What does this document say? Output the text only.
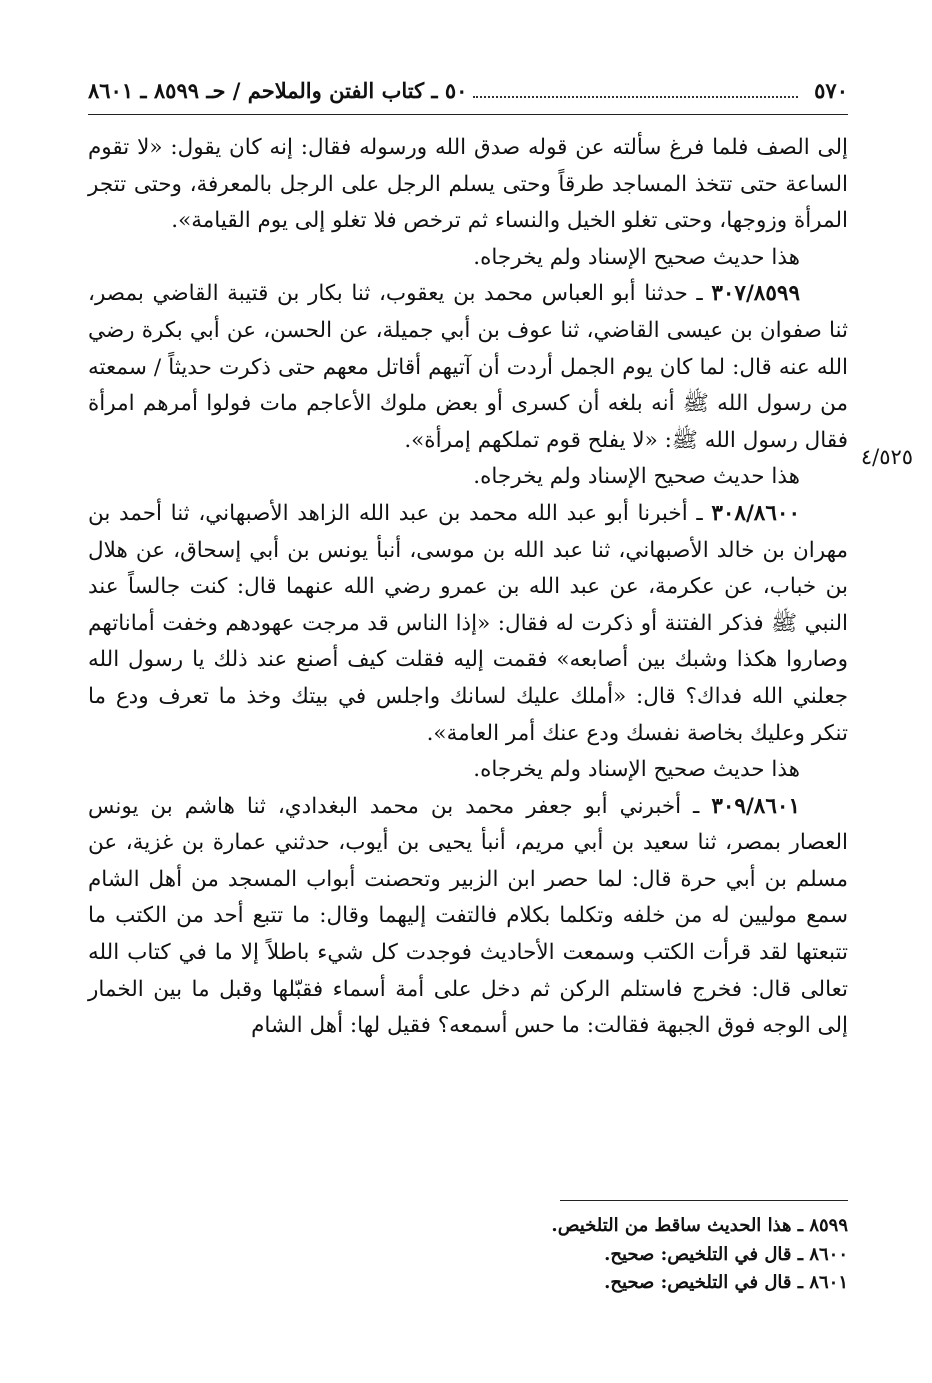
٥٧٠
٥٠ ـ كتاب الفتن والملاحم / حـ ٨٥٩٩ ـ ٨٦٠١
٤/٥٢٥

إلى الصف فلما فرغ سألته عن قوله صدق الله ورسوله فقال: إنه كان يقول: «لا تقوم الساعة حتى تتخذ المساجد طرقاً وحتى يسلم الرجل على الرجل بالمعرفة، وحتى تتجر المرأة وزوجها، وحتى تغلو الخيل والنساء ثم ترخص فلا تغلو إلى يوم القيامة».

هذا حديث صحيح الإسناد ولم يخرجاه.

٣٠٧/٨٥٩٩ ـ حدثنا أبو العباس محمد بن يعقوب، ثنا بكار بن قتيبة القاضي بمصر، ثنا صفوان بن عيسى القاضي، ثنا عوف بن أبي جميلة، عن الحسن، عن أبي بكرة رضي الله عنه قال: لما كان يوم الجمل أردت أن آتيهم أقاتل معهم حتى ذكرت حديثاً / سمعته من رسول الله ﷺ أنه بلغه أن كسرى أو بعض ملوك الأعاجم مات فولوا أمرهم امرأة فقال رسول الله ﷺ: «لا يفلح قوم تملكهم إمرأة».

هذا حديث صحيح الإسناد ولم يخرجاه.

٣٠٨/٨٦٠٠ ـ أخبرنا أبو عبد الله محمد بن عبد الله الزاهد الأصبهاني، ثنا أحمد بن مهران بن خالد الأصبهاني، ثنا عبد الله بن موسى، أنبأ يونس بن أبي إسحاق، عن هلال بن خباب، عن عكرمة، عن عبد الله بن عمرو رضي الله عنهما قال: كنت جالساً عند النبي ﷺ فذكر الفتنة أو ذكرت له فقال: «إذا الناس قد مرجت عهودهم وخفت أماناتهم وصاروا هكذا وشبك بين أصابعه» فقمت إليه فقلت كيف أصنع عند ذلك يا رسول الله جعلني الله فداك؟ قال: «أملك عليك لسانك واجلس في بيتك وخذ ما تعرف ودع ما تنكر وعليك بخاصة نفسك ودع عنك أمر العامة».

هذا حديث صحيح الإسناد ولم يخرجاه.

٣٠٩/٨٦٠١ ـ أخبرني أبو جعفر محمد بن محمد البغدادي، ثنا هاشم بن يونس العصار بمصر، ثنا سعيد بن أبي مريم، أنبأ يحيى بن أيوب، حدثني عمارة بن غزية، عن مسلم بن أبي حرة قال: لما حصر ابن الزبير وتحصنت أبواب المسجد من أهل الشام سمع موليين له من خلفه وتكلما بكلام فالتفت إليهما وقال: ما تتبع أحد من الكتب ما تتبعتها لقد قرأت الكتب وسمعت الأحاديث فوجدت كل شيء باطلاً إلا ما في كتاب الله تعالى قال: فخرج فاستلم الركن ثم دخل على أمة أسماء فقبّلها وقبل ما بين الخمار إلى الوجه فوق الجبهة فقالت: ما حس أسمعه؟ فقيل لها: أهل الشام

٨٥٩٩ ـ هذا الحديث ساقط من التلخيص.

٨٦٠٠ ـ قال في التلخيص: صحيح.

٨٦٠١ ـ قال في التلخيص: صحيح.
